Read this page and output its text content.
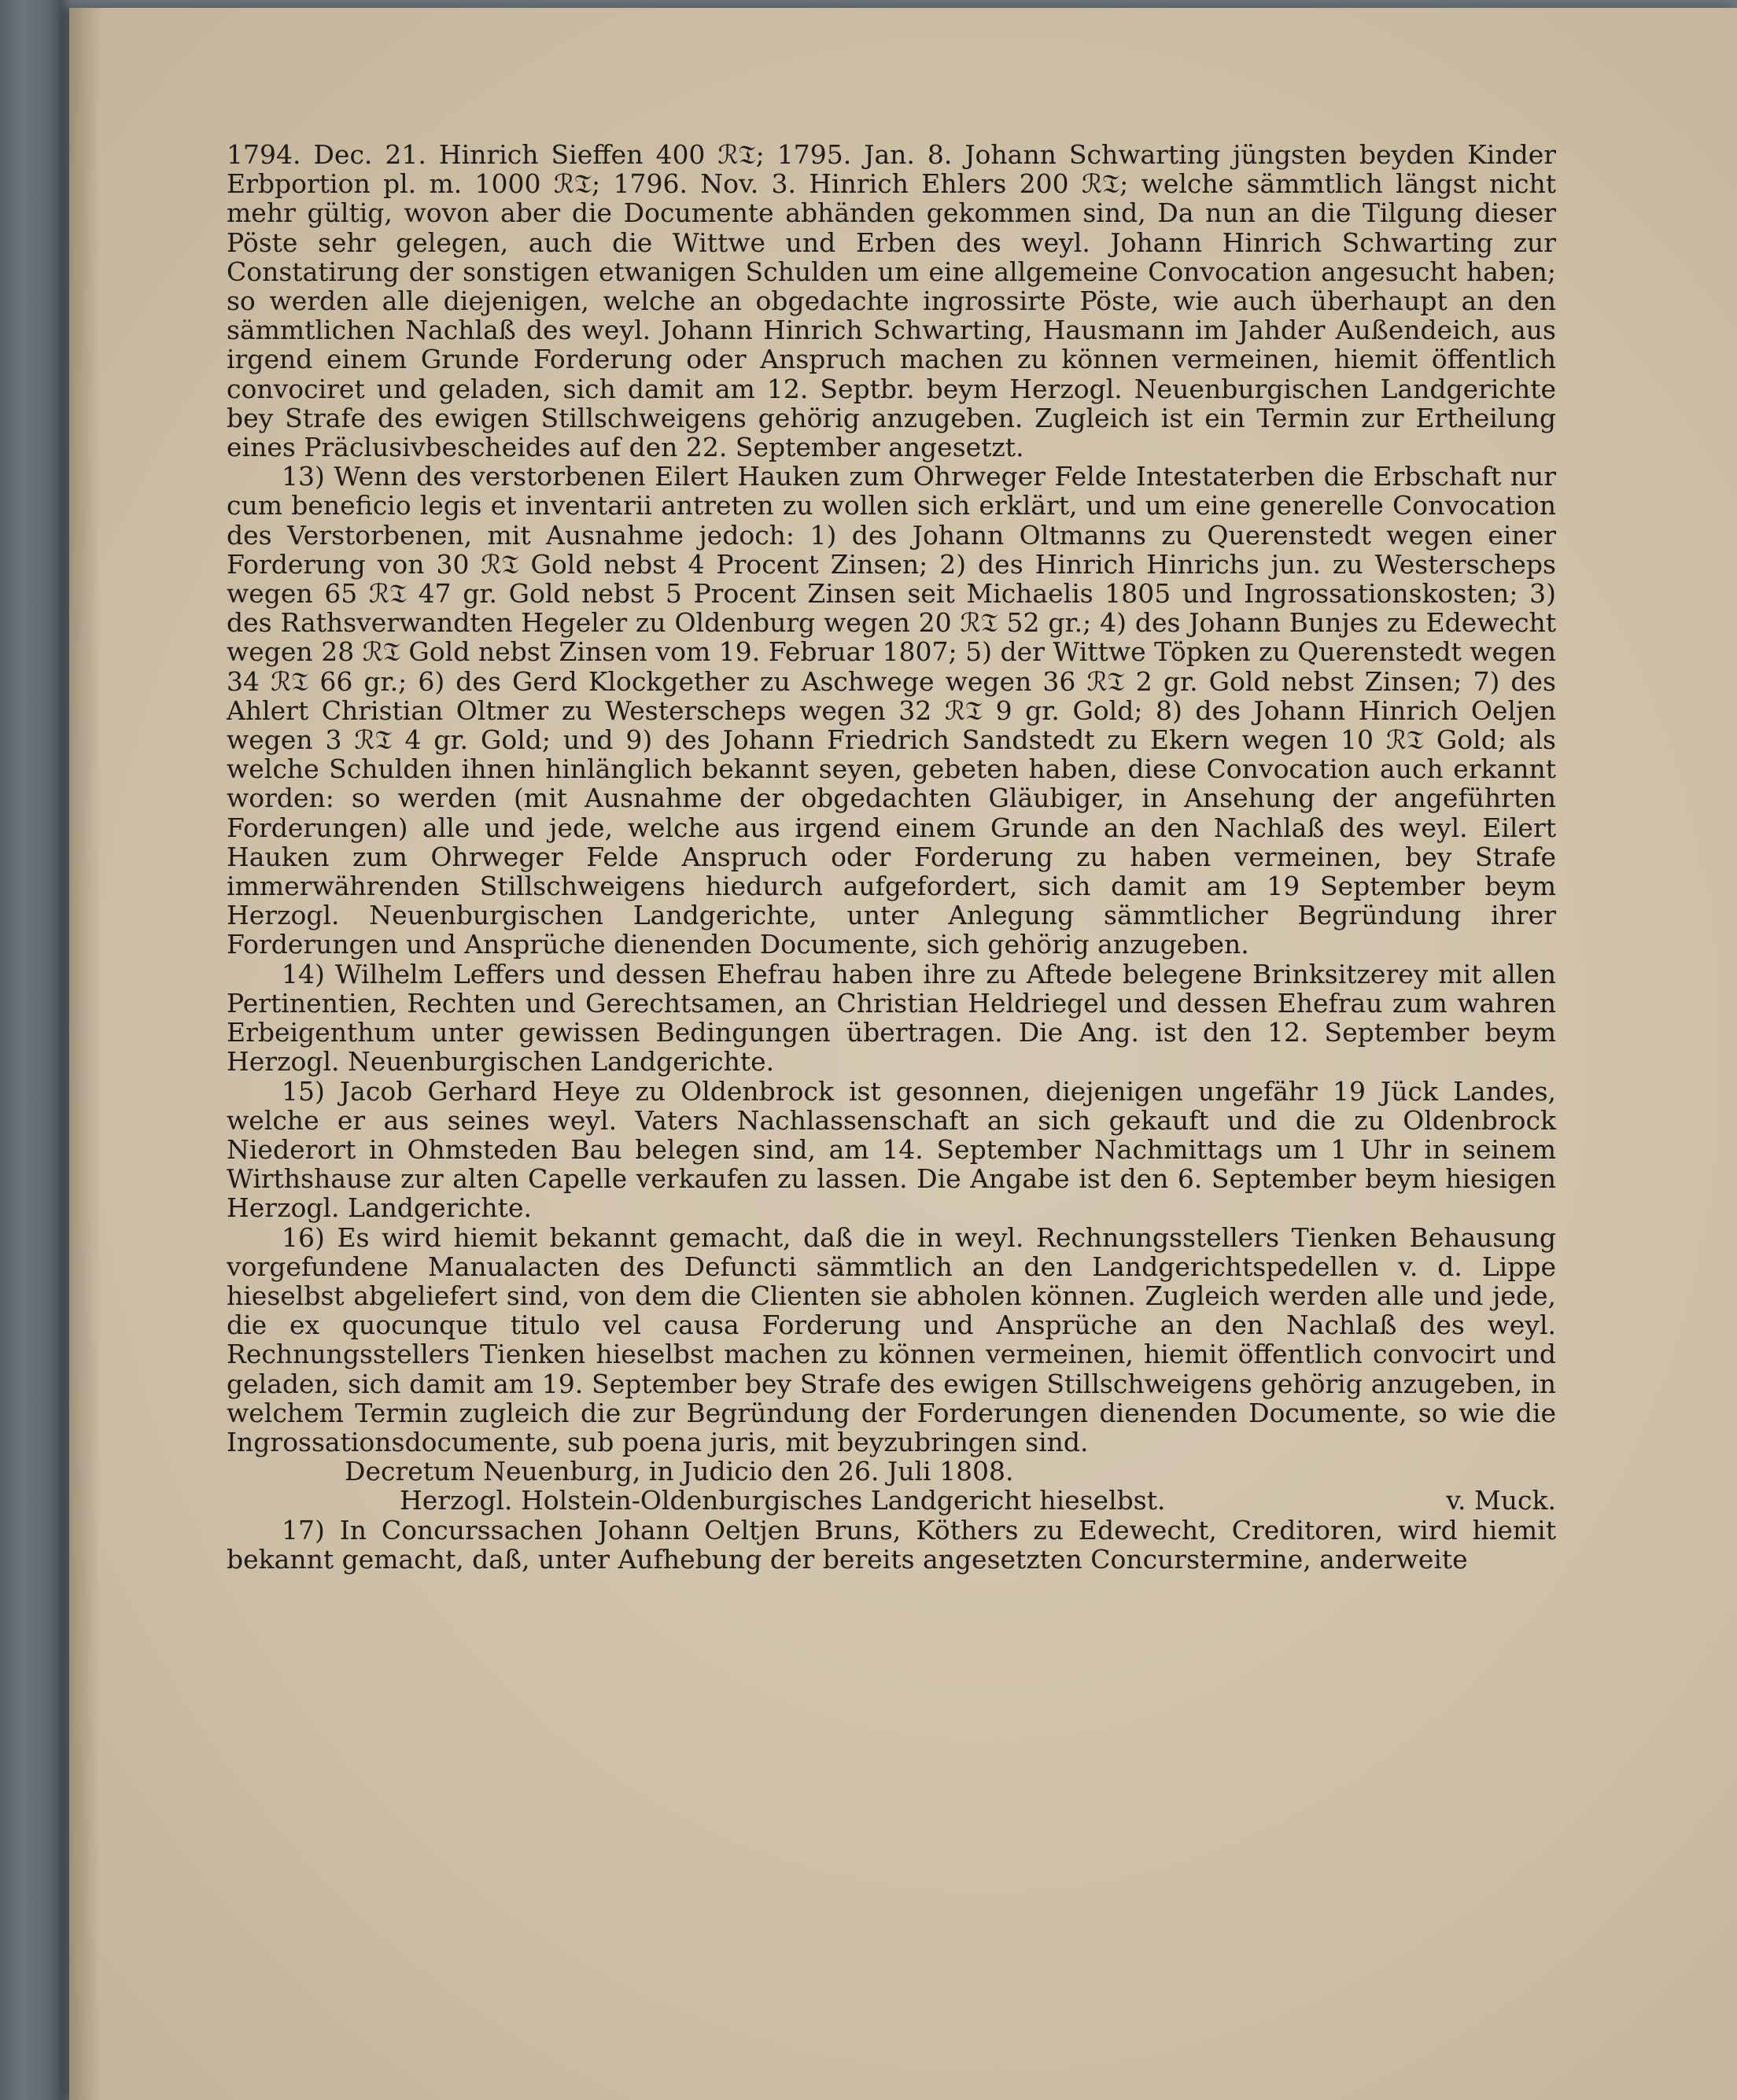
1794. Dec. 21. Hinrich Sieffen 400 ℛ𝔗; 1795. Jan. 8. Johann Schwarting jüngsten beyden Kinder Erbportion pl. m. 1000 ℛ𝔗; 1796. Nov. 3. Hinrich Ehlers 200 ℛ𝔗; welche sämmtlich längst nicht mehr gültig, wovon aber die Documente abhänden gekommen sind, Da nun an die Tilgung dieser Pöste sehr gelegen, auch die Wittwe und Erben des weyl. Johann Hinrich Schwarting zur Constatirung der sonstigen etwanigen Schulden um eine allgemeine Convocation angesucht haben; so werden alle diejenigen, welche an obgedachte ingrossirte Pöste, wie auch überhaupt an den sämmtlichen Nachlaß des weyl. Johann Hinrich Schwarting, Hausmann im Jahder Außendeich, aus irgend einem Grunde Forderung oder Anspruch machen zu können vermeinen, hiemit öffentlich convociret und geladen, sich damit am 12. Septbr. beym Herzogl. Neuenburgischen Landgerichte bey Strafe des ewigen Stillschweigens gehörig anzugeben. Zugleich ist ein Termin zur Ertheilung eines Präclusivbescheides auf den 22. September angesetzt.

13) Wenn des verstorbenen Eilert Hauken zum Ohrweger Felde Intestaterben die Erbschaft nur cum beneficio legis et inventarii antreten zu wollen sich erklärt, und um eine generelle Convocation des Verstorbenen, mit Ausnahme jedoch: 1) des Johann Oltmanns zu Querenstedt wegen einer Forderung von 30 ℛ𝔗 Gold nebst 4 Procent Zinsen; 2) des Hinrich Hinrichs jun. zu Westerscheps wegen 65 ℛ𝔗 47 gr. Gold nebst 5 Procent Zinsen seit Michaelis 1805 und Ingrossationskosten; 3) des Rathsverwandten Hegeler zu Oldenburg wegen 20 ℛ𝔗 52 gr.; 4) des Johann Bunjes zu Edewecht wegen 28 ℛ𝔗 Gold nebst Zinsen vom 19. Februar 1807; 5) der Wittwe Töpken zu Querenstedt wegen 34 ℛ𝔗 66 gr.; 6) des Gerd Klockgether zu Aschwege wegen 36 ℛ𝔗 2 gr. Gold nebst Zinsen; 7) des Ahlert Christian Oltmer zu Westerscheps wegen 32 ℛ𝔗 9 gr. Gold; 8) des Johann Hinrich Oeljen wegen 3 ℛ𝔗 4 gr. Gold; und 9) des Johann Friedrich Sandstedt zu Ekern wegen 10 ℛ𝔗 Gold; als welche Schulden ihnen hinlänglich bekannt seyen, gebeten haben, diese Convocation auch erkannt worden: so werden (mit Ausnahme der obgedachten Gläubiger, in Ansehung der angeführten Forderungen) alle und jede, welche aus irgend einem Grunde an den Nachlaß des weyl. Eilert Hauken zum Ohrweger Felde Anspruch oder Forderung zu haben vermeinen, bey Strafe immerwährenden Stillschweigens hiedurch aufgefordert, sich damit am 19 September beym Herzogl. Neuenburgischen Landgerichte, unter Anlegung sämmtlicher Begründung ihrer Forderungen und Ansprüche dienenden Documente, sich gehörig anzugeben.

14) Wilhelm Leffers und dessen Ehefrau haben ihre zu Aftede belegene Brinksitzerey mit allen Pertinentien, Rechten und Gerechtsamen, an Christian Heldriegel und dessen Ehefrau zum wahren Erbeigenthum unter gewissen Bedingungen übertragen. Die Ang. ist den 12. September beym Herzogl. Neuenburgischen Landgerichte.

15) Jacob Gerhard Heye zu Oldenbrock ist gesonnen, diejenigen ungefähr 19 Jück Landes, welche er aus seines weyl. Vaters Nachlassenschaft an sich gekauft und die zu Oldenbrock Niederort in Ohmsteden Bau belegen sind, am 14. September Nachmittags um 1 Uhr in seinem Wirthshause zur alten Capelle verkaufen zu lassen. Die Angabe ist den 6. September beym hiesigen Herzogl. Landgerichte.

16) Es wird hiemit bekannt gemacht, daß die in weyl. Rechnungsstellers Tienken Behausung vorgefundene Manualacten des Defuncti sämmtlich an den Landgerichtspedellen v. d. Lippe hieselbst abgeliefert sind, von dem die Clienten sie abholen können. Zugleich werden alle und jede, die ex quocunque titulo vel causa Forderung und Ansprüche an den Nachlaß des weyl. Rechnungsstellers Tienken hieselbst machen zu können vermeinen, hiemit öffentlich convocirt und geladen, sich damit am 19. September bey Strafe des ewigen Stillschweigens gehörig anzugeben, in welchem Termin zugleich die zur Begründung der Forderungen dienenden Documente, so wie die Ingrossationsdocumente, sub poena juris, mit beyzubringen sind.

Decretum Neuenburg, in Judicio den 26. Juli 1808.

Herzogl. Holstein-Oldenburgisches Landgericht hieselbst.	v. Muck.

17) In Concurssachen Johann Oeltjen Bruns, Köthers zu Edewecht, Creditoren, wird hiemit bekannt gemacht, daß, unter Aufhebung der bereits angesetzten Concurstermine, anderweite
